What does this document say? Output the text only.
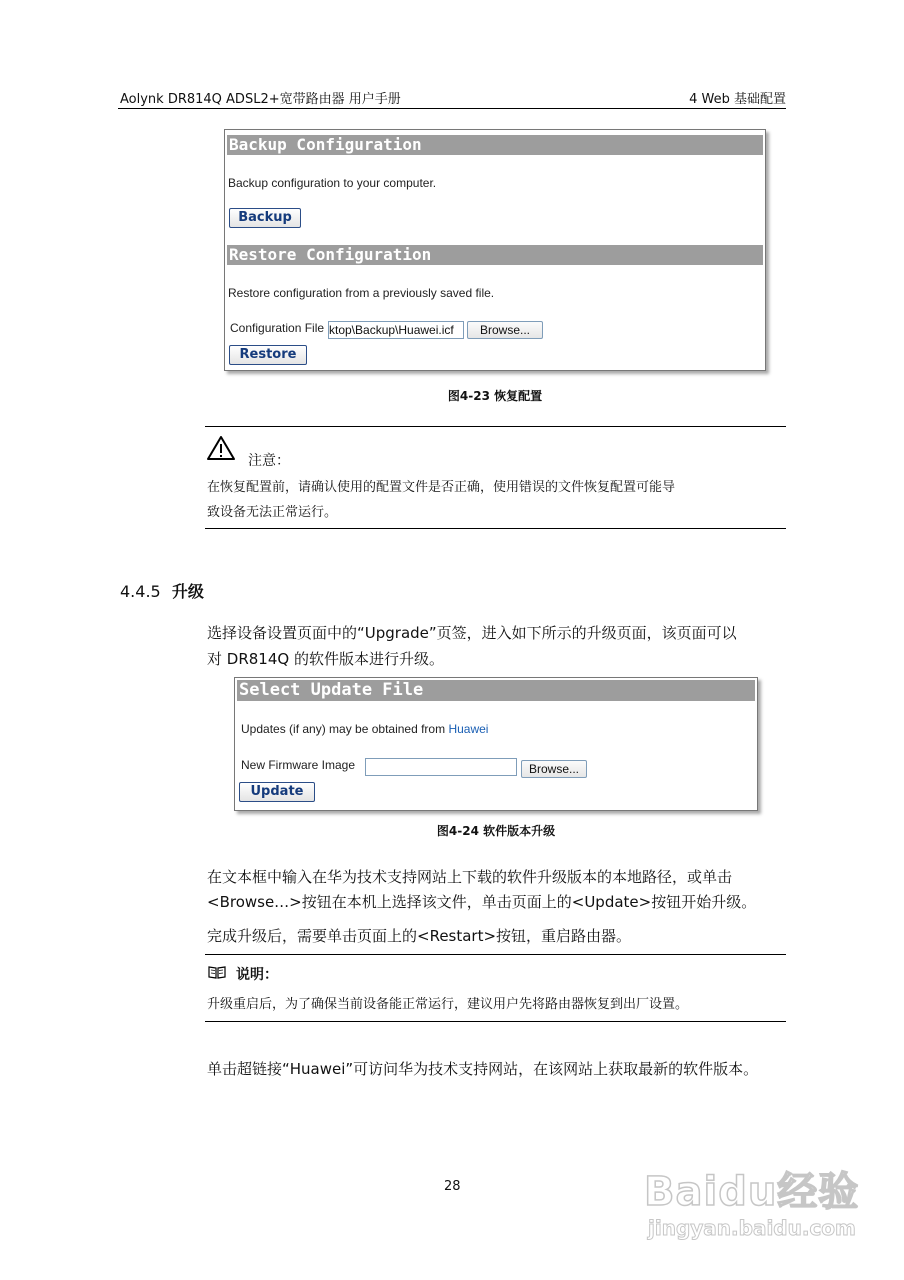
Aolynk DR814Q ADSL2+宽带路由器 用户手册	4 Web 基础配置
Backup Configuration
Backup configuration to your computer.
Backup
Restore Configuration
Restore configuration from a previously saved file.
Configuration File ktop\Backup\Huawei.icf	Browse...
Restore
图4-23 恢复配置
注意：
在恢复配置前，请确认使用的配置文件是否正确，使用错误的文件恢复配置可能导
致设备无法正常运行。
4.4.5 升级
选择设备设置页面中的“Upgrade”页签，进入如下所示的升级页面，该页面可以
对 DR814Q 的软件版本进行升级。
Select Update File
Updates (if any) may be obtained from Huawei
New Firmware Image	Browse...
Update
图4-24 软件版本升级
在文本框中输入在华为技术支持网站上下载的软件升级版本的本地路径，或单击
<Browse…>按钮在本机上选择该文件，单击页面上的<Update>按钮开始升级。
完成升级后，需要单击页面上的<Restart>按钮，重启路由器。
说明：
升级重启后，为了确保当前设备能正常运行，建议用户先将路由器恢复到出厂设置。
单击超链接“Huawei”可访问华为技术支持网站，在该网站上获取最新的软件版本。
28	Baidu经验
jingyan.baidu.com
